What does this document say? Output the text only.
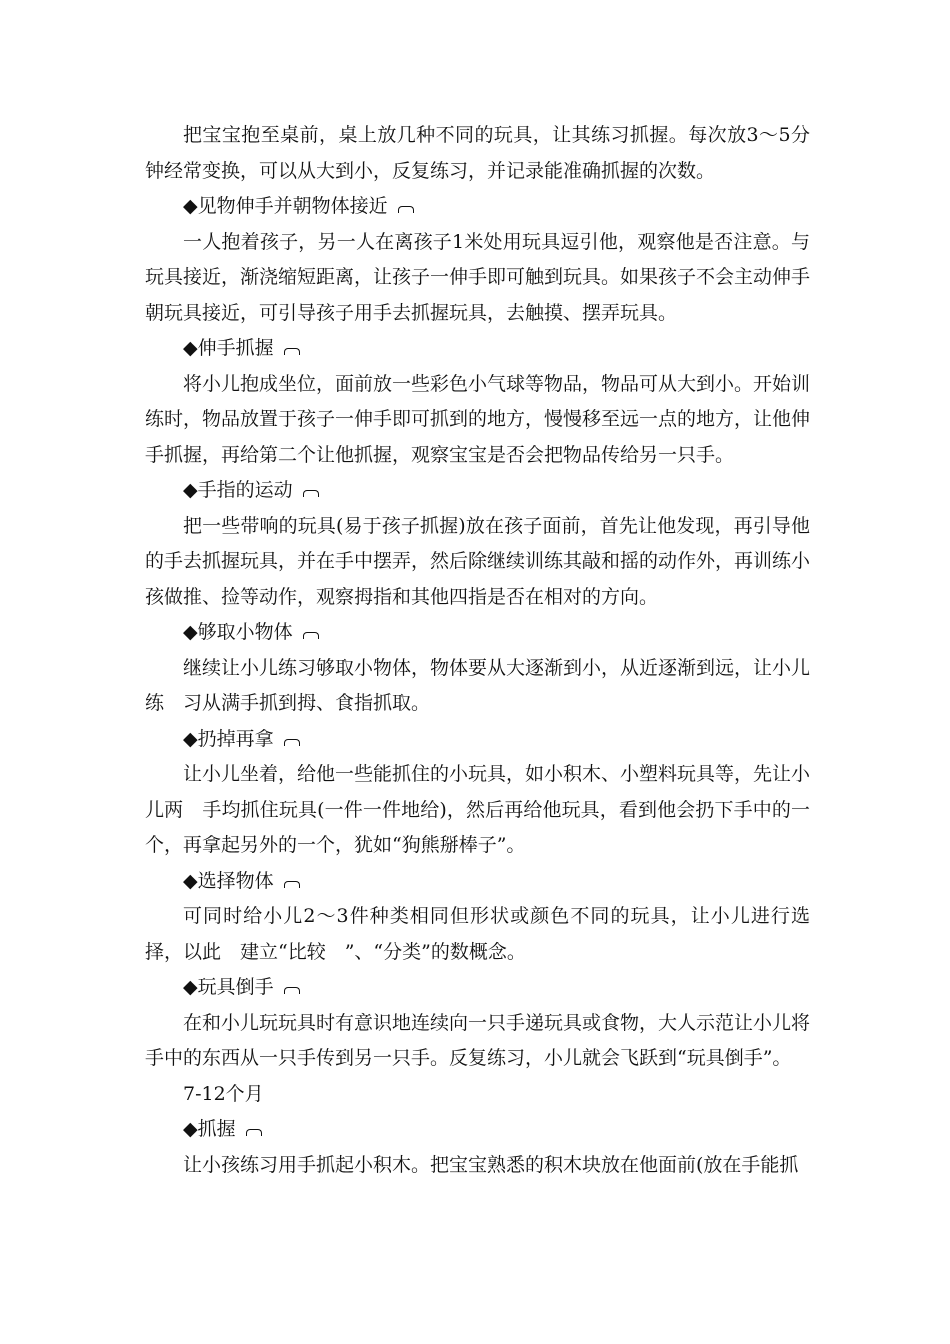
把宝宝抱至桌前，桌上放几种不同的玩具，让其练习抓握。每次放3～5分钟经常变换，可以从大到小，反复练习，并记录能准确抓握的次数。

◆见物伸手并朝物体接近

一人抱着孩子，另一人在离孩子1米处用玩具逗引他，观察他是否注意。与玩具接近，渐浇缩短距离，让孩子一伸手即可触到玩具。如果孩子不会主动伸手朝玩具接近，可引导孩子用手去抓握玩具，去触摸、摆弄玩具。

◆伸手抓握

将小儿抱成坐位，面前放一些彩色小气球等物品，物品可从大到小。开始训练时，物品放置于孩子一伸手即可抓到的地方，慢慢移至远一点的地方，让他伸手抓握，再给第二个让他抓握，观察宝宝是否会把物品传给另一只手。

◆手指的运动

把一些带响的玩具(易于孩子抓握)放在孩子面前，首先让他发现，再引导他的手去抓握玩具，并在手中摆弄，然后除继续训练其敲和摇的动作外，再训练小孩做推、捡等动作，观察拇指和其他四指是否在相对的方向。

◆够取小物体

继续让小儿练习够取小物体，物体要从大逐渐到小，从近逐渐到远，让小儿练　习从满手抓到拇、食指抓取。

◆扔掉再拿

让小儿坐着，给他一些能抓住的小玩具，如小积木、小塑料玩具等，先让小儿两　手均抓住玩具(一件一件地给)，然后再给他玩具，看到他会扔下手中的一个，再拿起另外的一个，犹如“狗熊掰棒子”。

◆选择物体

可同时给小儿2～3件种类相同但形状或颜色不同的玩具，让小儿进行选择，以此　建立“比较　”、“分类”的数概念。

◆玩具倒手

在和小儿玩玩具时有意识地连续向一只手递玩具或食物，大人示范让小儿将手中的东西从一只手传到另一只手。反复练习，小儿就会飞跃到“玩具倒手”。

7-12个月
◆抓握

让小孩练习用手抓起小积木。把宝宝熟悉的积木块放在他面前(放在手能抓
